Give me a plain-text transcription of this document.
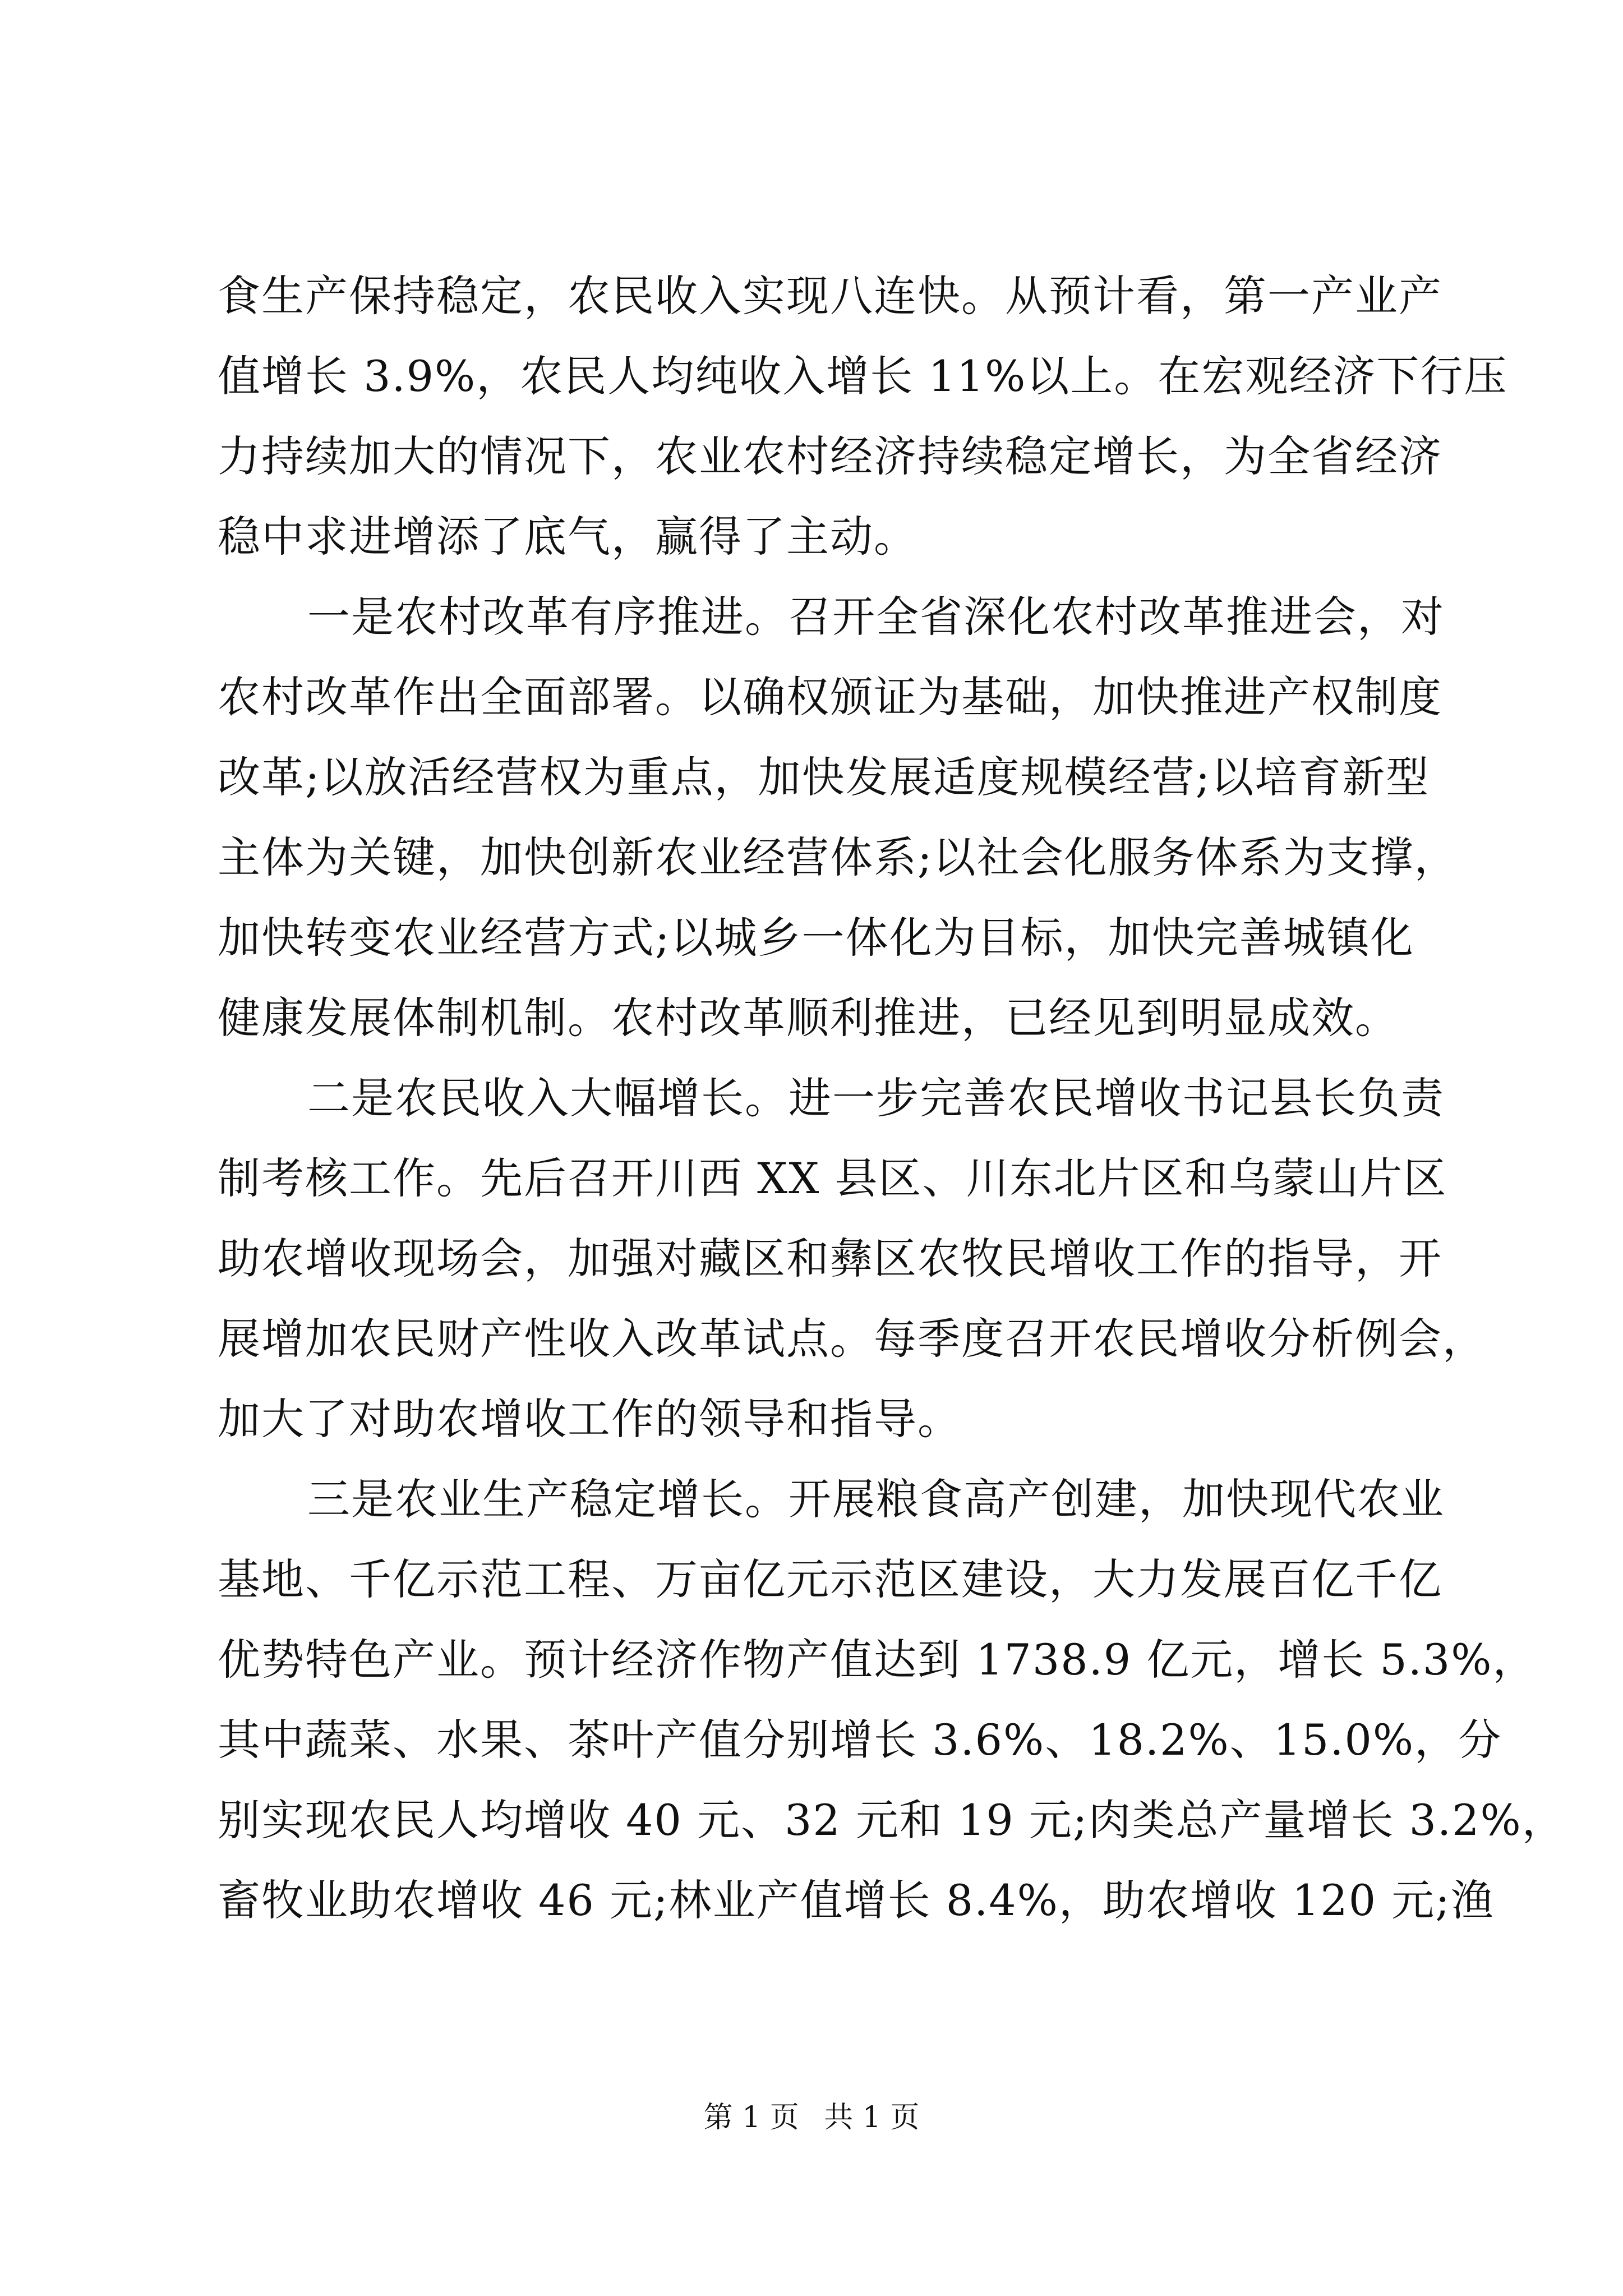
食生产保持稳定，农民收入实现八连快。从预计看，第一产业产
值增长 3.9%，农民人均纯收入增长 11%以上。在宏观经济下行压
力持续加大的情况下，农业农村经济持续稳定增长，为全省经济
稳中求进增添了底气，赢得了主动。

一是农村改革有序推进。召开全省深化农村改革推进会，对
农村改革作出全面部署。以确权颁证为基础，加快推进产权制度
改革;以放活经营权为重点，加快发展适度规模经营;以培育新型
主体为关键，加快创新农业经营体系;以社会化服务体系为支撑，
加快转变农业经营方式;以城乡一体化为目标，加快完善城镇化
健康发展体制机制。农村改革顺利推进，已经见到明显成效。

二是农民收入大幅增长。进一步完善农民增收书记县长负责
制考核工作。先后召开川西 XX 县区、川东北片区和乌蒙山片区
助农增收现场会，加强对藏区和彝区农牧民增收工作的指导，开
展增加农民财产性收入改革试点。每季度召开农民增收分析例会，
加大了对助农增收工作的领导和指导。

三是农业生产稳定增长。开展粮食高产创建，加快现代农业
基地、千亿示范工程、万亩亿元示范区建设，大力发展百亿千亿
优势特色产业。预计经济作物产值达到 1738.9 亿元，增长 5.3%，
其中蔬菜、水果、茶叶产值分别增长 3.6%、18.2%、15.0%，分
别实现农民人均增收 40 元、32 元和 19 元;肉类总产量增长 3.2%，
畜牧业助农增收 46 元;林业产值增长 8.4%，助农增收 120 元;渔

第 1 页 共 1 页
